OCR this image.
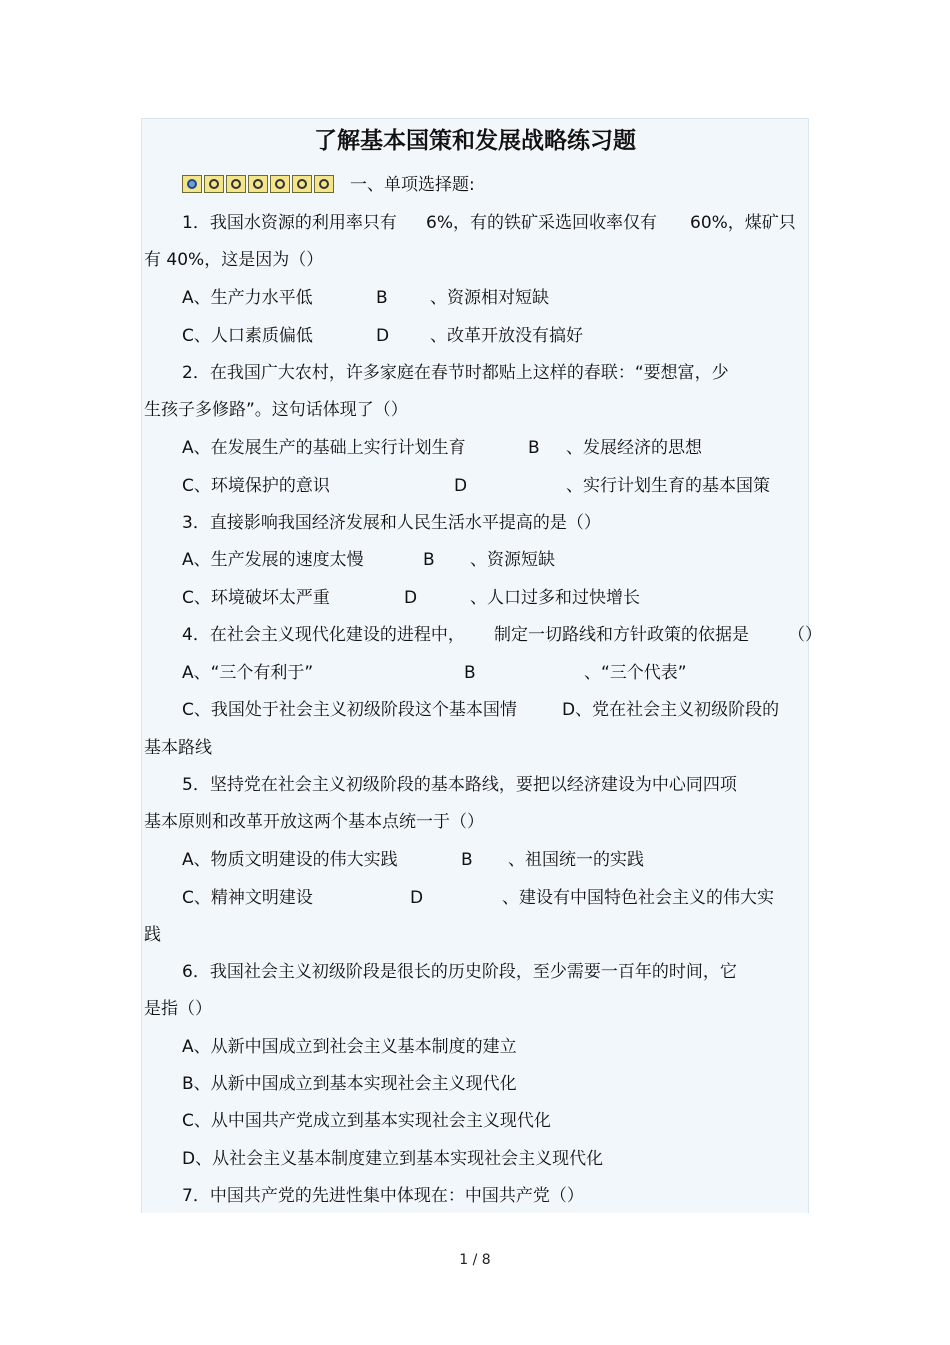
了解基本国策和发展战略练习题
一、单项选择题:
1．我国水资源的利用率只有 6%，有的铁矿采选回收率仅有 60%，煤矿只
有 40%，这是因为（）
A、生产力水平低	B 、资源相对短缺
C、人口素质偏低	D 、改革开放没有搞好
2．在我国广大农村，许多家庭在春节时都贴上这样的春联：“要想富，少
生孩子多修路”。这句话体现了（）
A、在发展生产的基础上实行计划生育	B 、发展经济的思想
C、环境保护的意识	D	、实行计划生育的基本国策
3．直接影响我国经济发展和人民生活水平提高的是（）
A、生产发展的速度太慢	B 、资源短缺
C、环境破坏太严重	D	、人口过多和过快增长
4．在社会主义现代化建设的进程中， 制定一切路线和方针政策的依据是 （）
A、“三个有利于”	B	、“三个代表”
C、我国处于社会主义初级阶段这个基本国情	D、党在社会主义初级阶段的
基本路线
5．坚持党在社会主义初级阶段的基本路线，要把以经济建设为中心同四项
基本原则和改革开放这两个基本点统一于（）
A、物质文明建设的伟大实践	B 、祖国统一的实践
C、精神文明建设	D	、建设有中国特色社会主义的伟大实
践
6．我国社会主义初级阶段是很长的历史阶段，至少需要一百年的时间，它
是指（）
A、从新中国成立到社会主义基本制度的建立
B、从新中国成立到基本实现社会主义现代化
C、从中国共产党成立到基本实现社会主义现代化
D、从社会主义基本制度建立到基本实现社会主义现代化
7．中国共产党的先进性集中体现在：中国共产党（）
1 / 8
